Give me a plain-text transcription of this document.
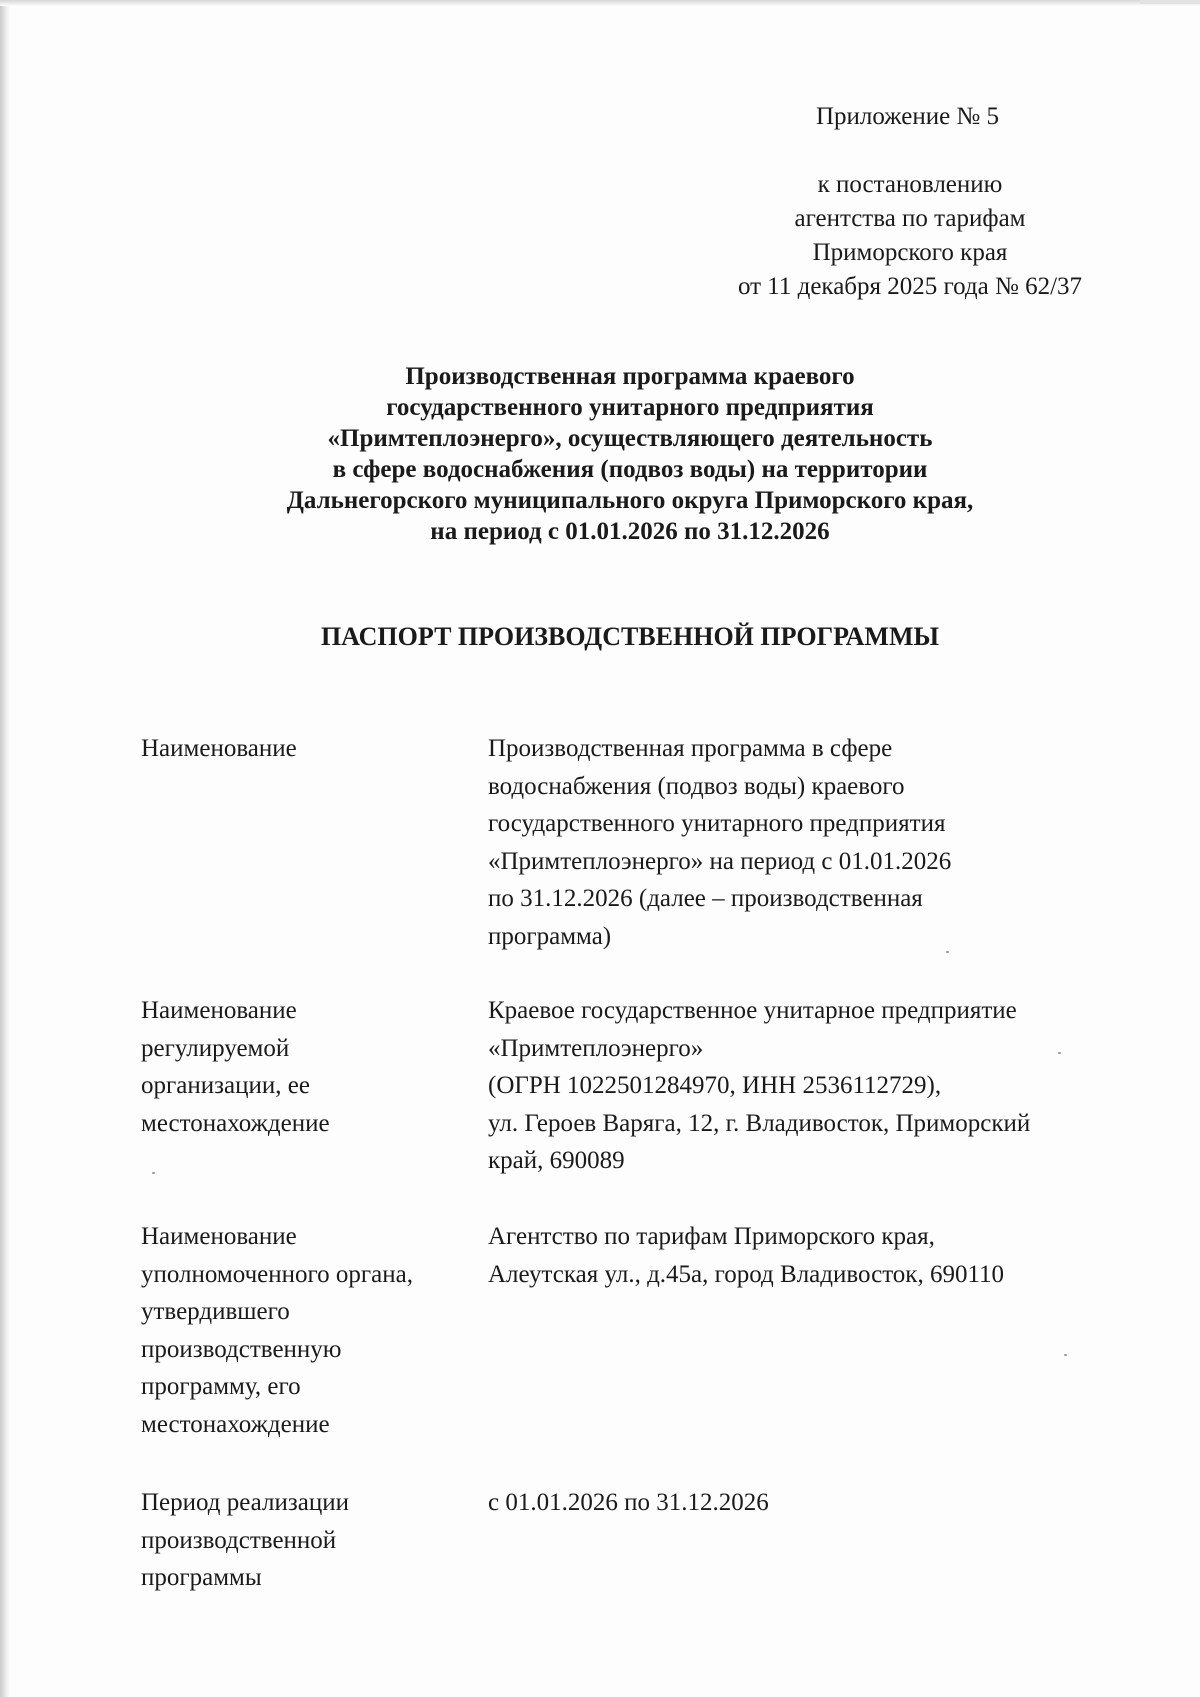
Приложение № 5
к постановлению
агентства по тарифам
Приморского края
от 11 декабря 2025 года № 62/37
Производственная программа краевого
государственного унитарного предприятия
«Примтеплоэнерго», осуществляющего деятельность
в сфере водоснабжения (подвоз воды) на территории
Дальнегорского муниципального округа Приморского края,
на период с 01.01.2026 по 31.12.2026
ПАСПОРТ ПРОИЗВОДСТВЕННОЙ ПРОГРАММЫ
Наименование	Производственная программа в сфере
водоснабжения (подвоз воды) краевого
государственного унитарного предприятия
«Примтеплоэнерго» на период с 01.01.2026
по 31.12.2026 (далее – производственная
программа)
Наименование
регулируемой
организации, ее
местонахождение
Краевое государственное унитарное предприятие
«Примтеплоэнерго»
(ОГРН 1022501284970, ИНН 2536112729),
ул. Героев Варяга, 12, г. Владивосток, Приморский
край, 690089
Наименование
уполномоченного органа,
утвердившего
производственную
программу, его
местонахождение
Агентство по тарифам Приморского края,
Алеутская ул., д.45а, город Владивосток, 690110
Период реализации
производственной
программы
с 01.01.2026 по 31.12.2026
